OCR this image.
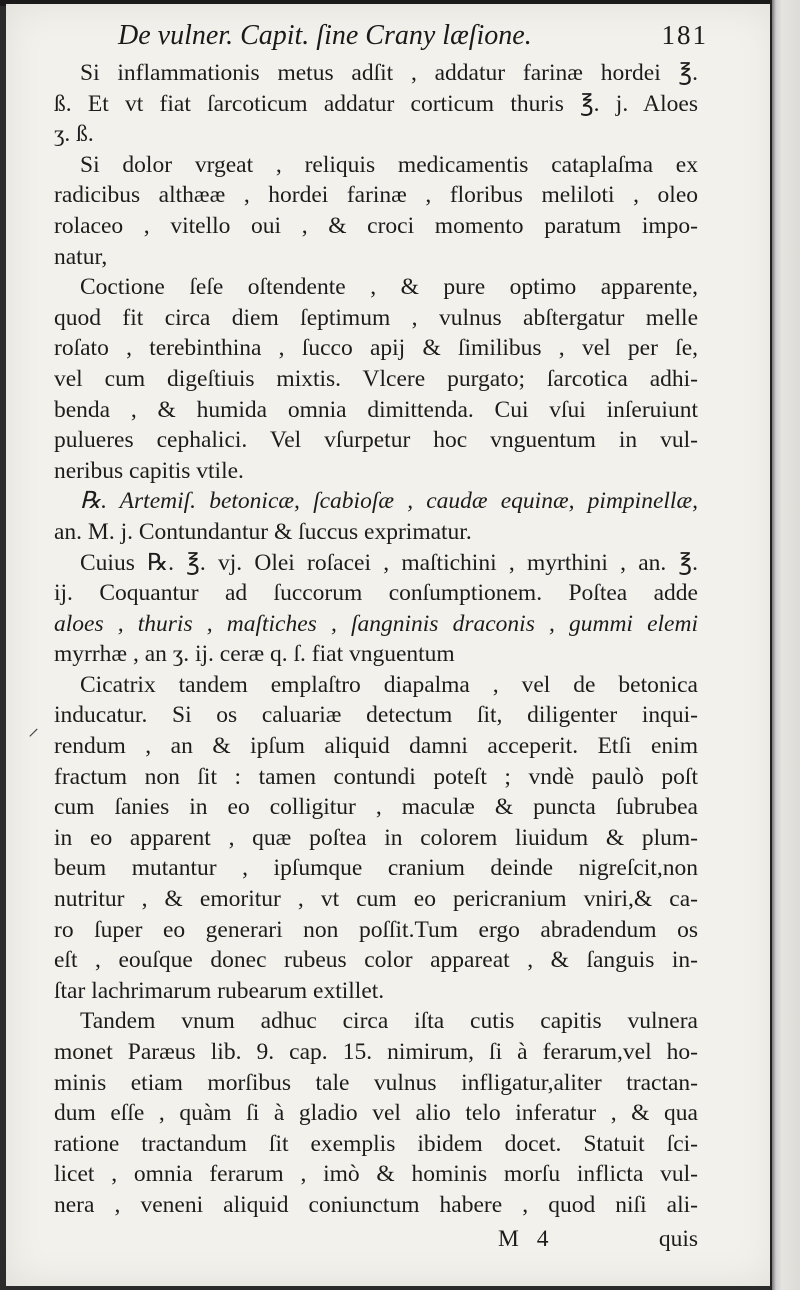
De vulner. Capit. ſine Crany læſione.	181
⸝
Si inflammationis metus adſit , addatur farinæ hordei ℥.
ß. Et vt fiat ſarcoticum addatur corticum thuris ℥. j. Aloes
ʒ. ß.
Si dolor vrgeat , reliquis medicamentis cataplaſma ex
radicibus althææ , hordei farinæ , floribus meliloti , oleo
rolaceo , vitello oui , & croci momento paratum impo-
natur,
Coctione ſeſe oſtendente , & pure optimo apparente,
quod fit circa diem ſeptimum , vulnus abſtergatur melle
roſato , terebinthina , ſucco apij & ſimilibus , vel per ſe,
vel cum digeſtiuis mixtis. Vlcere purgato; ſarcotica adhi-
benda , & humida omnia dimittenda. Cui vſui inſeruiunt
pulueres cephalici. Vel vſurpetur hoc vnguentum in vul-
neribus capitis vtile.
℞. Artemiſ. betonicæ, ſcabioſæ , caudæ equinæ, pimpinellæ,
an. M. j. Contundantur & ſuccus exprimatur.
Cuius ℞. ℥. vj. Olei roſacei , maſtichini , myrthini , an. ℥.
ij. Coquantur ad ſuccorum conſumptionem. Poſtea adde
aloes , thuris , maſtiches , ſangninis draconis , gummi elemi
myrrhæ , an ʒ. ij. ceræ q. ſ. fiat vnguentum
Cicatrix tandem emplaſtro diapalma , vel de betonica
inducatur. Si os caluariæ detectum ſit, diligenter inqui-
rendum , an & ipſum aliquid damni acceperit. Etſi enim
fractum non ſit : tamen contundi poteſt ; vndè paulò poſt
cum ſanies in eo colligitur , maculæ & puncta ſubrubea
in eo apparent , quæ poſtea in colorem liuidum & plum-
beum mutantur , ipſumque cranium deinde nigreſcit,non
nutritur , & emoritur , vt cum eo pericranium vniri,& ca-
ro ſuper eo generari non poſſit.Tum ergo abradendum os
eſt , eouſque donec rubeus color appareat , & ſanguis in-
ſtar lachrimarum rubearum extillet.
Tandem vnum adhuc circa iſta cutis capitis vulnera
monet Paræus lib. 9. cap. 15. nimirum, ſi à ferarum,vel ho-
minis etiam morſibus tale vulnus infligatur,aliter tractan-
dum eſſe , quàm ſi à gladio vel alio telo inferatur , & qua
ratione tractandum ſit exemplis ibidem docet. Statuit ſci-
licet , omnia ferarum , imò & hominis morſu inflicta vul-
nera , veneni aliquid coniunctum habere , quod niſi ali-
M 4	quis
